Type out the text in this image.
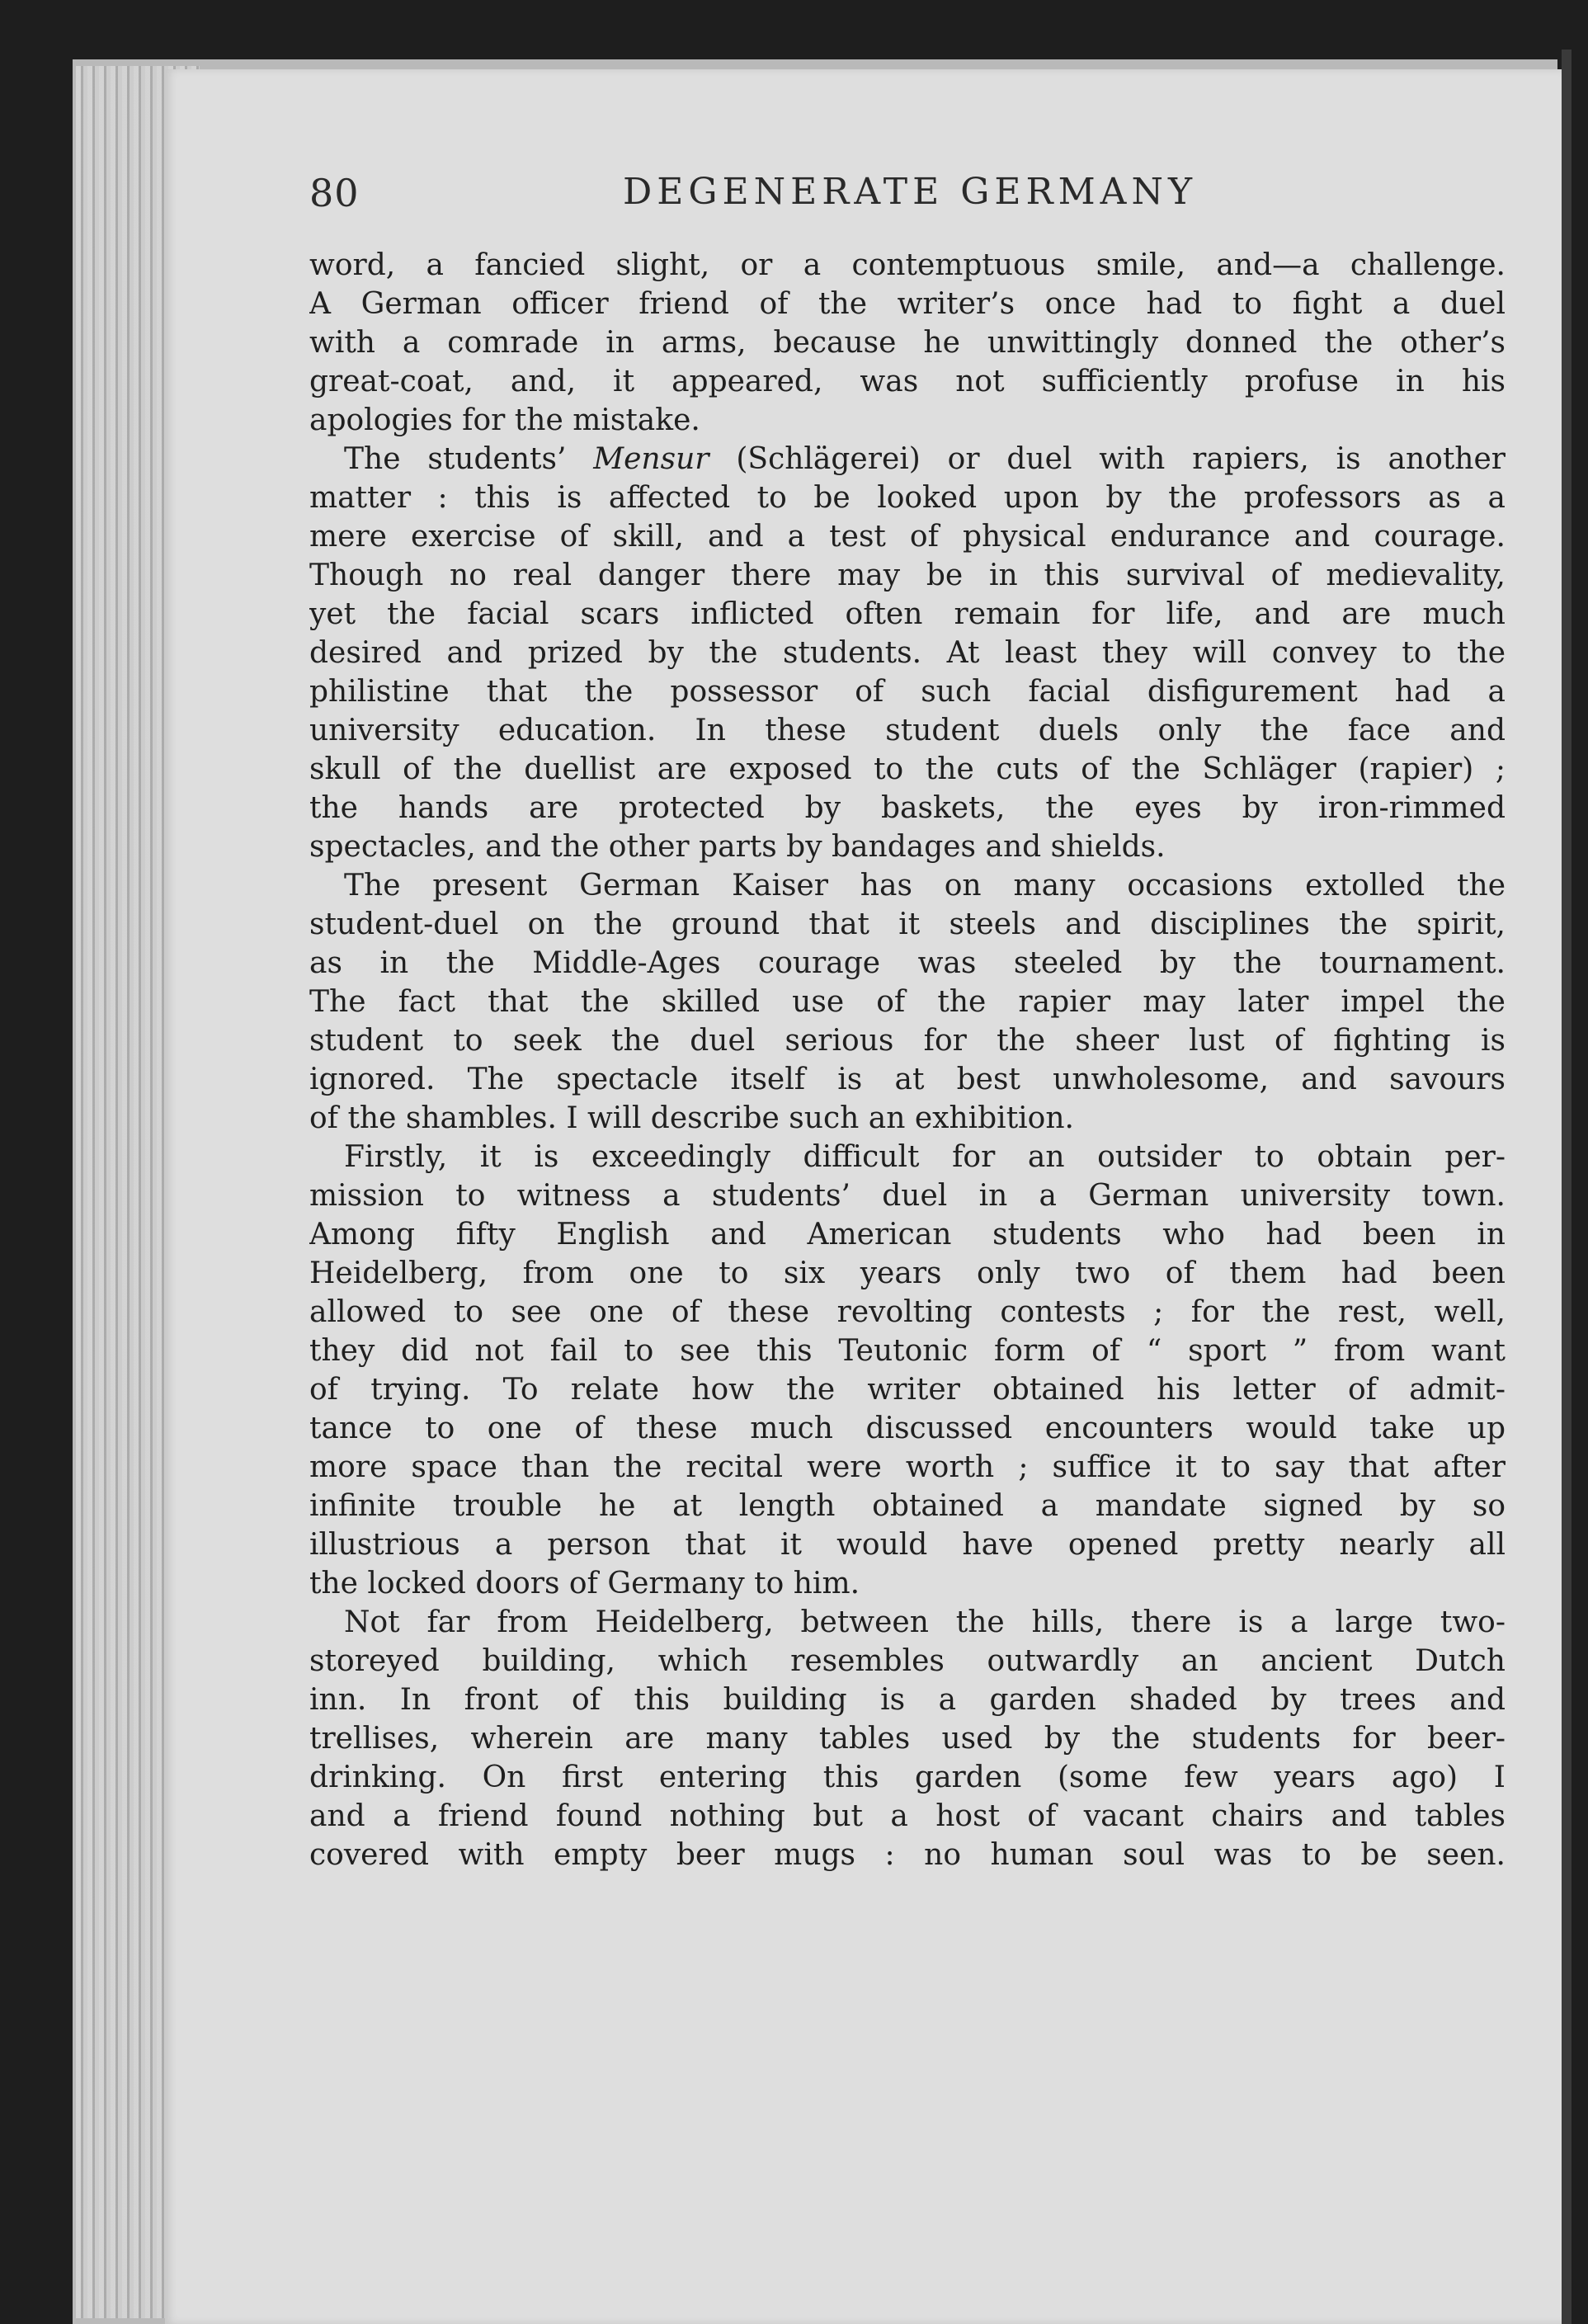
80	DEGENERATE GERMANY
word, a fancied slight, or a contemptuous smile, and—a challenge.
A German officer friend of the writer’s once had to fight a duel
with a comrade in arms, because he unwittingly donned the other’s
great-coat, and, it appeared, was not sufficiently profuse in his
apologies for the mistake.
The students’ Mensur (Schlägerei) or duel with rapiers, is another
matter : this is affected to be looked upon by the professors as a
mere exercise of skill, and a test of physical endurance and courage.
Though no real danger there may be in this survival of medievality,
yet the facial scars inflicted often remain for life, and are much
desired and prized by the students. At least they will convey to the
philistine that the possessor of such facial disfigurement had a
university education. In these student duels only the face and
skull of the duellist are exposed to the cuts of the Schläger (rapier) ;
the hands are protected by baskets, the eyes by iron-rimmed
spectacles, and the other parts by bandages and shields.
The present German Kaiser has on many occasions extolled the
student-duel on the ground that it steels and disciplines the spirit,
as in the Middle-Ages courage was steeled by the tournament.
The fact that the skilled use of the rapier may later impel the
student to seek the duel serious for the sheer lust of fighting is
ignored. The spectacle itself is at best unwholesome, and savours
of the shambles. I will describe such an exhibition.
Firstly, it is exceedingly difficult for an outsider to obtain per-
mission to witness a students’ duel in a German university town.
Among fifty English and American students who had been in
Heidelberg, from one to six years only two of them had been
allowed to see one of these revolting contests ; for the rest, well,
they did not fail to see this Teutonic form of “ sport ” from want
of trying. To relate how the writer obtained his letter of admit-
tance to one of these much discussed encounters would take up
more space than the recital were worth ; suffice it to say that after
infinite trouble he at length obtained a mandate signed by so
illustrious a person that it would have opened pretty nearly all
the locked doors of Germany to him.
Not far from Heidelberg, between the hills, there is a large two-
storeyed building, which resembles outwardly an ancient Dutch
inn. In front of this building is a garden shaded by trees and
trellises, wherein are many tables used by the students for beer-
drinking. On first entering this garden (some few years ago) I
and a friend found nothing but a host of vacant chairs and tables
covered with empty beer mugs : no human soul was to be seen.
